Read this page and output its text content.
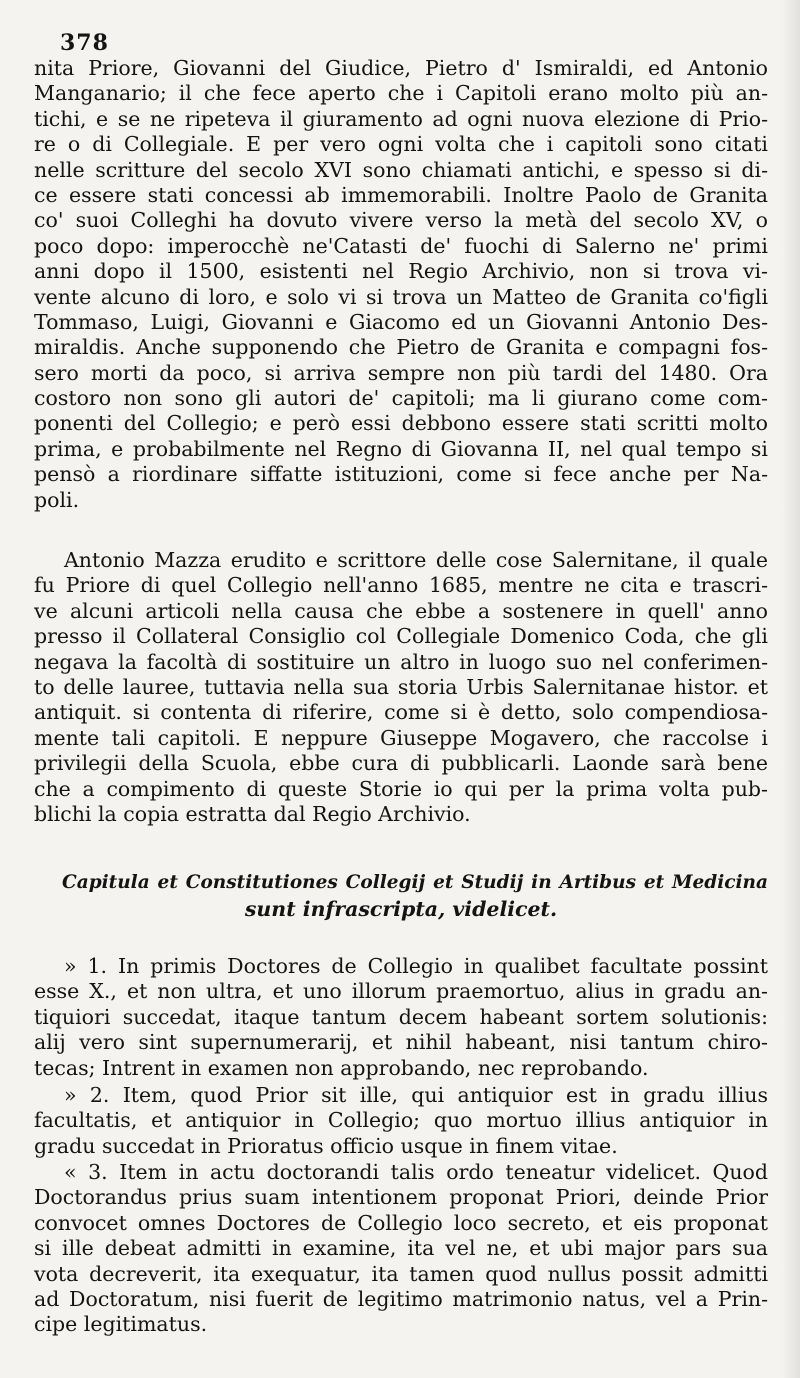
378
nita Priore, Giovanni del Giudice, Pietro d' Ismiraldi, ed Antonio
Manganario; il che fece aperto che i Capitoli erano molto più an-
tichi, e se ne ripeteva il giuramento ad ogni nuova elezione di Prio-
re o di Collegiale. E per vero ogni volta che i capitoli sono citati
nelle scritture del secolo XVI sono chiamati antichi, e spesso si di-
ce essere stati concessi ab immemorabili. Inoltre Paolo de Granita
co' suoi Colleghi ha dovuto vivere verso la metà del secolo XV, o
poco dopo: imperocchè ne'Catasti de' fuochi di Salerno ne' primi
anni dopo il 1500, esistenti nel Regio Archivio, non si trova vi-
vente alcuno di loro, e solo vi si trova un Matteo de Granita co'figli
Tommaso, Luigi, Giovanni e Giacomo ed un Giovanni Antonio Des-
miraldis. Anche supponendo che Pietro de Granita e compagni fos-
sero morti da poco, si arriva sempre non più tardi del 1480. Ora
costoro non sono gli autori de' capitoli; ma li giurano come com-
ponenti del Collegio; e però essi debbono essere stati scritti molto
prima, e probabilmente nel Regno di Giovanna II, nel qual tempo si
pensò a riordinare siffatte istituzioni, come si fece anche per Na-
poli.
Antonio Mazza erudito e scrittore delle cose Salernitane, il quale
fu Priore di quel Collegio nell'anno 1685, mentre ne cita e trascri-
ve alcuni articoli nella causa che ebbe a sostenere in quell' anno
presso il Collateral Consiglio col Collegiale Domenico Coda, che gli
negava la facoltà di sostituire un altro in luogo suo nel conferimen-
to delle lauree, tuttavia nella sua storia Urbis Salernitanae histor. et
antiquit. si contenta di riferire, come si è detto, solo compendiosa-
mente tali capitoli. E neppure Giuseppe Mogavero, che raccolse i
privilegii della Scuola, ebbe cura di pubblicarli. Laonde sarà bene
che a compimento di queste Storie io qui per la prima volta pub-
blichi la copia estratta dal Regio Archivio.
Capitula et Constitutiones Collegij et Studij in Artibus et Medicina
sunt infrascripta, videlicet.
» 1. In primis Doctores de Collegio in qualibet facultate possint
esse X., et non ultra, et uno illorum praemortuo, alius in gradu an-
tiquiori succedat, itaque tantum decem habeant sortem solutionis:
alij vero sint supernumerarij, et nihil habeant, nisi tantum chiro-
tecas; Intrent in examen non approbando, nec reprobando.
» 2. Item, quod Prior sit ille, qui antiquior est in gradu illius
facultatis, et antiquior in Collegio; quo mortuo illius antiquior in
gradu succedat in Prioratus officio usque in finem vitae.
« 3. Item in actu doctorandi talis ordo teneatur videlicet. Quod
Doctorandus prius suam intentionem proponat Priori, deinde Prior
convocet omnes Doctores de Collegio loco secreto, et eis proponat
si ille debeat admitti in examine, ita vel ne, et ubi major pars sua
vota decreverit, ita exequatur, ita tamen quod nullus possit admitti
ad Doctoratum, nisi fuerit de legitimo matrimonio natus, vel a Prin-
cipe legitimatus.
